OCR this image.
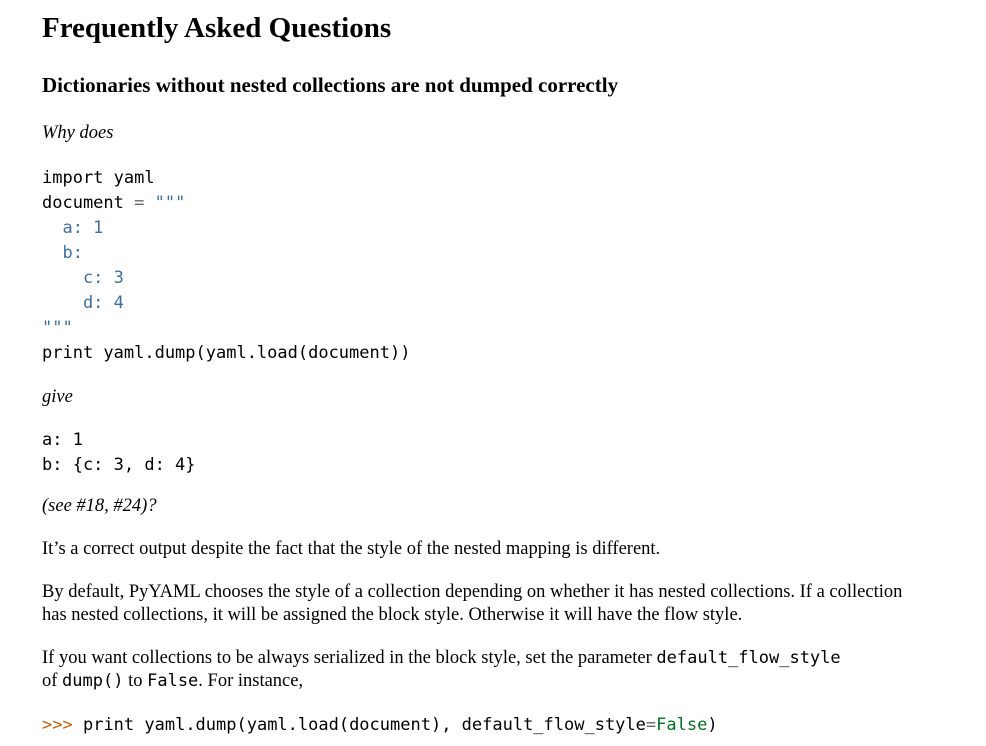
Frequently Asked Questions
Dictionaries without nested collections are not dumped correctly

Why does

import yaml
document = """
a: 1
b:
c: 3
d: 4
"""
print yaml.dump(yaml.load(document))

give

a: 1
b: {c: 3, d: 4}

(see #18, #24)?

It’s a correct output despite the fact that the style of the nested mapping is different.

By default, PyYAML chooses the style of a collection depending on whether it has nested collections. If a collection has nested collections, it will be assigned the block style. Otherwise it will have the flow style.

If you want collections to be always serialized in the block style, set the parameter default_flow_style
of dump() to False. For instance,

>>> print yaml.dump(yaml.load(document), default_flow_style=False)
